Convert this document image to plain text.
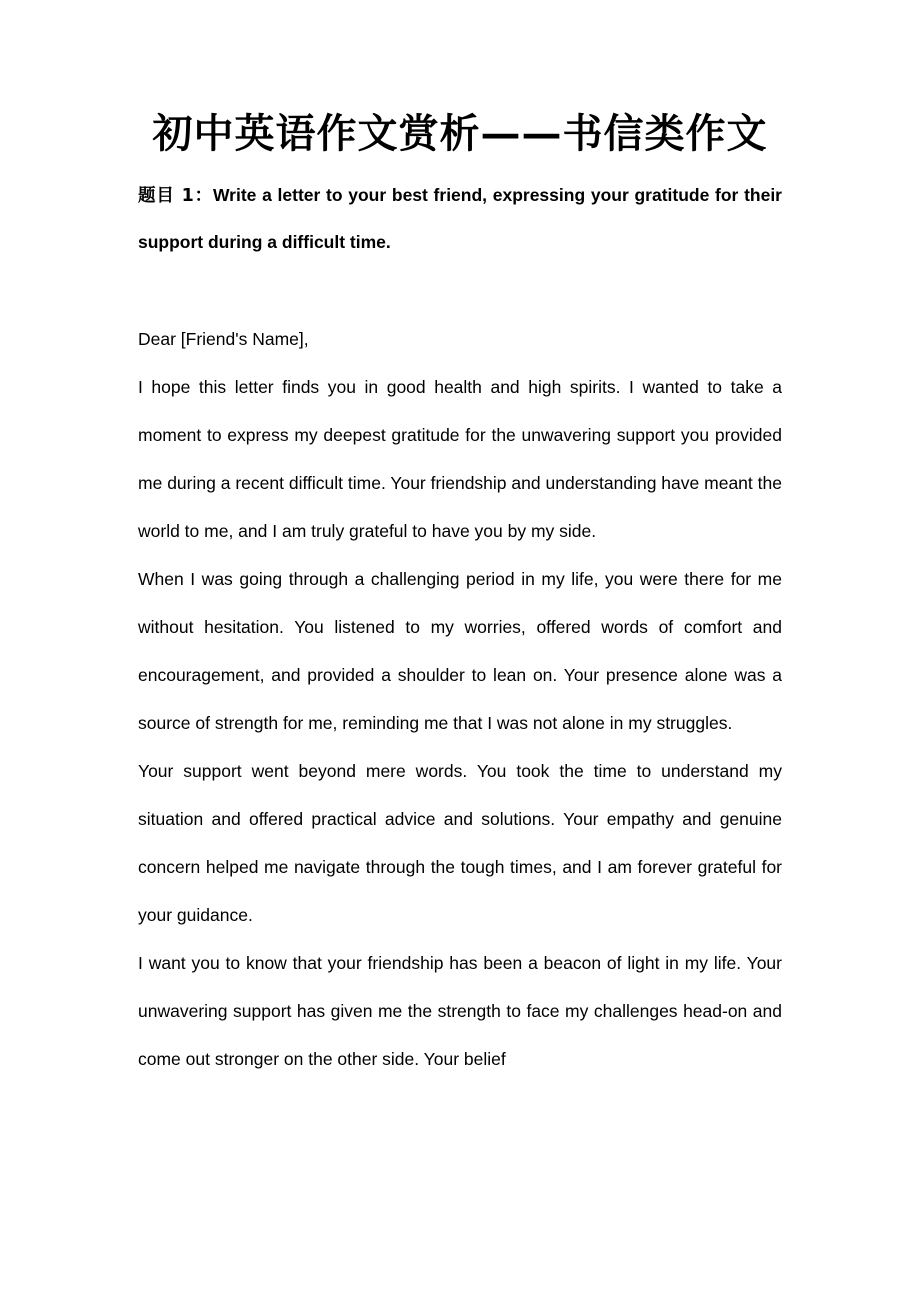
初中英语作文赏析——书信类作文

题目 1：Write a letter to your best friend, expressing your gratitude for their support during a difficult time.

Dear [Friend's Name],

I hope this letter finds you in good health and high spirits. I wanted to take a moment to express my deepest gratitude for the unwavering support you provided me during a recent difficult time. Your friendship and understanding have meant the world to me, and I am truly grateful to have you by my side.

When I was going through a challenging period in my life, you were there for me without hesitation. You listened to my worries, offered words of comfort and encouragement, and provided a shoulder to lean on. Your presence alone was a source of strength for me, reminding me that I was not alone in my struggles.

Your support went beyond mere words. You took the time to understand my situation and offered practical advice and solutions. Your empathy and genuine concern helped me navigate through the tough times, and I am forever grateful for your guidance.

I want you to know that your friendship has been a beacon of light in my life. Your unwavering support has given me the strength to face my challenges head-on and come out stronger on the other side. Your belief
